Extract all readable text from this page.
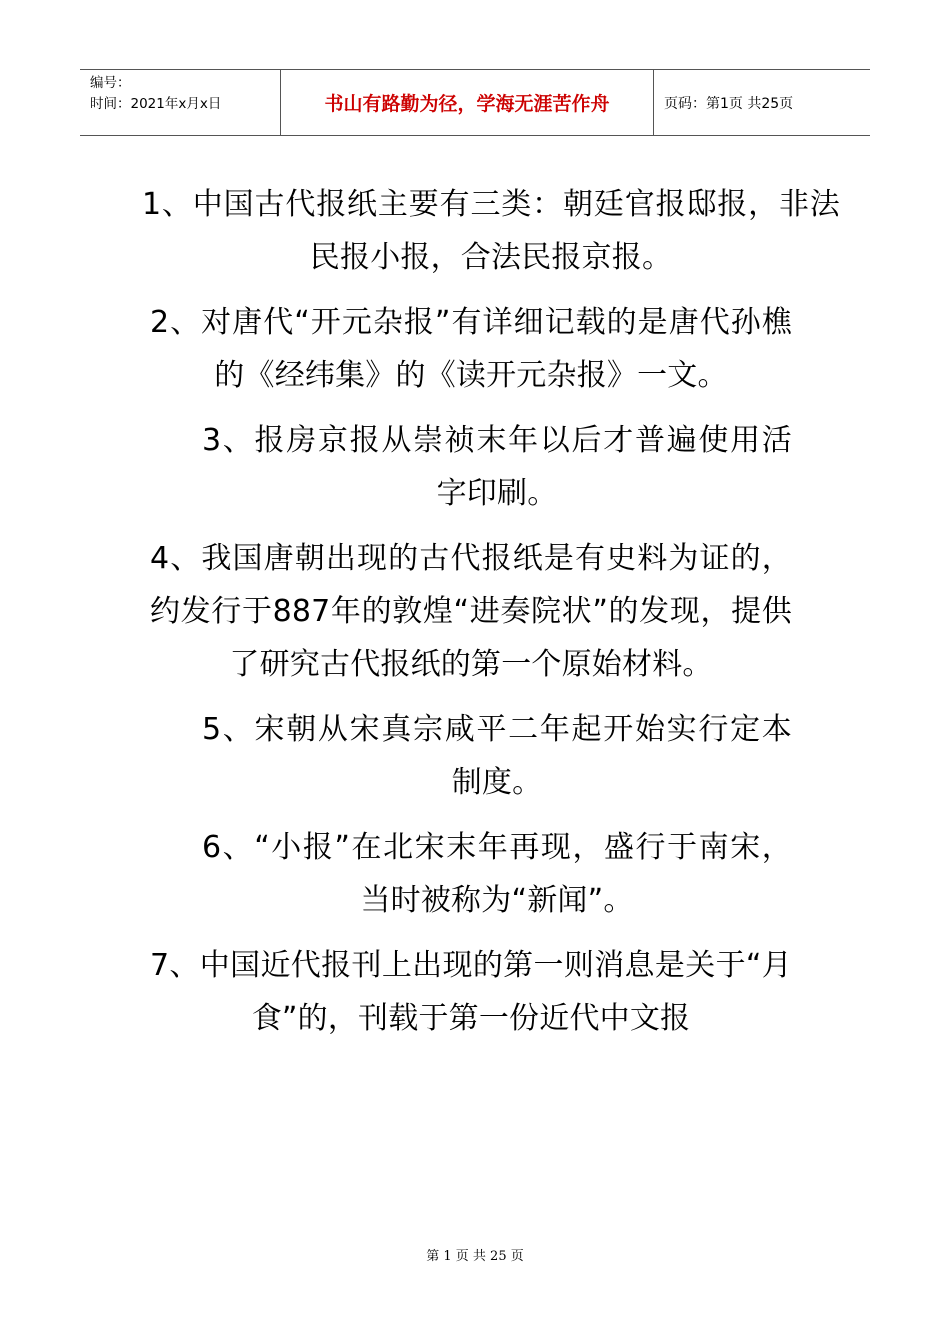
编号：
时间：2021年x月x日	书山有路勤为径，学海无涯苦作舟	页码：第1页 共25页

1、中国古代报纸主要有三类：朝廷官报邸报，非法民报小报，合法民报京报。

2、对唐代“开元杂报”有详细记载的是唐代孙樵的《经纬集》的《读开元杂报》一文。

3、报房京报从崇祯末年以后才普遍使用活字印刷。

4、我国唐朝出现的古代报纸是有史料为证的，约发行于887年的敦煌“进奏院状”的发现，提供了研究古代报纸的第一个原始材料。

5、宋朝从宋真宗咸平二年起开始实行定本制度。

6、“小报”在北宋末年再现，盛行于南宋，当时被称为“新闻”。

7、中国近代报刊上出现的第一则消息是关于“月食”的，刊载于第一份近代中文报

第 1 页 共 25 页
